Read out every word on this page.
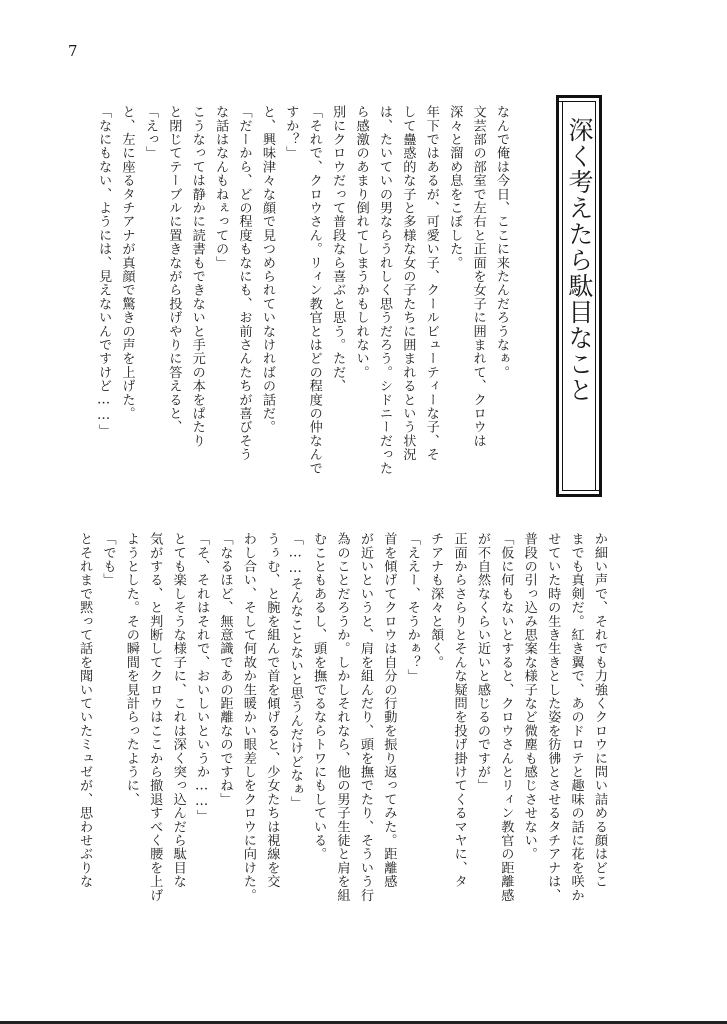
7
深く考えたら駄目なこと

なんで俺は今日、ここに来たんだろうなぁ。

文芸部の部室で左右と正面を女子に囲まれて、クロウは

深々と溜め息をこぼした。

年下ではあるが、可愛い子、クールビューティーな子、そ

して蠱惑的な子と多様な女の子たちに囲まれるという状況

は、たいていの男ならうれしく思うだろう。シドニーだった

ら感激のあまり倒れてしまうかもしれない。

別にクロウだって普段なら喜ぶと思う。ただ、

「それで、クロウさん。リィン教官とはどの程度の仲なんで

すか？」

と、興味津々な顔で見つめられていなければの話だ。

「だーから、どの程度もなにも、お前さんたちが喜びそう

な話はなんもねぇっての」

こうなっては静かに読書もできないと手元の本をぱたり

と閉じてテーブルに置きながら投げやりに答えると、

「えっ」

と、左に座るタチアナが真顔で驚きの声を上げた。

「なにもない、ようには、見えないんですけど……」

か細い声で、それでも力強くクロウに問い詰める顔はどこ

までも真剣だ。紅き翼で、あのドロテと趣味の話に花を咲か

せていた時の生き生きとした姿を彷彿とさせるタチアナは、

普段の引っ込み思案な様子など微塵も感じさせない。

「仮に何もないとすると、クロウさんとリィン教官の距離感

が不自然なくらい近いと感じるのですが」

正面からさらりとそんな疑問を投げ掛けてくるマヤに、タ

チアナも深々と頷く。

「ええー、そうかぁ？」

首を傾げてクロウは自分の行動を振り返ってみた。距離感

が近いというと、肩を組んだり、頭を撫でたり、そういう行

為のことだろうか。しかしそれなら、他の男子生徒と肩を組

むこともあるし、頭を撫でるならトワにもしている。

「……そんなことないと思うんだけどなぁ」

うぅむ、と腕を組んで首を傾げると、少女たちは視線を交

わし合い、そして何故か生暖かい眼差しをクロウに向けた。

「なるほど、無意識であの距離なのですね」

「そ、それはそれで、おいしいというか……」

とても楽しそうな様子に、これは深く突っ込んだら駄目な

気がする、と判断してクロウはここから撤退すべく腰を上げ

ようとした。その瞬間を見計らったように、

「でも」

とそれまで黙って話を聞いていたミュゼが、思わせぶりな
